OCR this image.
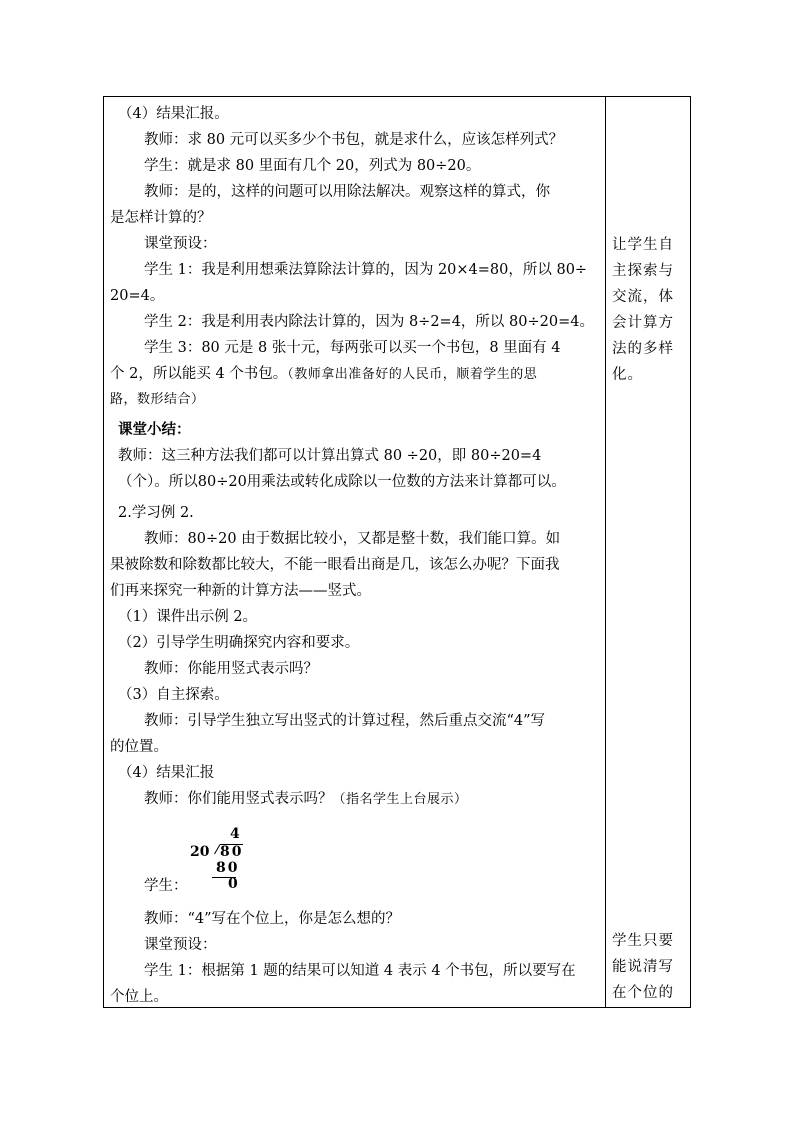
（4）结果汇报。
教师：求 80 元可以买多少个书包，就是求什么，应该怎样列式？
学生：就是求 80 里面有几个 20，列式为 80÷20。
教师：是的，这样的问题可以用除法解决。观察这样的算式，你
是怎样计算的？
课堂预设：
学生 1：我是利用想乘法算除法计算的，因为 20×4=80，所以 80÷
20=4。
学生 2：我是利用表内除法计算的，因为 8÷2=4，所以 80÷20=4。
学生 3：80 元是 8 张十元，每两张可以买一个书包，8 里面有 4
个 2，所以能买 4 个书包。（教师拿出准备好的人民币，顺着学生的思
路，数形结合）
课堂小结：
教师：这三种方法我们都可以计算出算式 80 ÷20，即 80÷20=4
（个）。所以80÷20用乘法或转化成除以一位数的方法来计算都可以。
2.学习例 2.
教师：80÷20 由于数据比较小，又都是整十数，我们能口算。如
果被除数和除数都比较大，不能一眼看出商是几，该怎么办呢？下面我
们再来探究一种新的计算方法——竖式。
（1）课件出示例 2。
（2）引导学生明确探究内容和要求。
教师：你能用竖式表示吗？
（3）自主探索。
教师：引导学生独立写出竖式的计算过程，然后重点交流“4”写
的位置。
（4）结果汇报
教师：你们能用竖式表示吗？（指名学生上台展示）
4
20 80
80
0
学生：
教师：“4”写在个位上，你是怎么想的？
课堂预设：
学生 1：根据第 1 题的结果可以知道 4 表示 4 个书包，所以要写在
个位上。
让学生自
主探索与
交流，体
会计算方
法的多样
化。
学生只要
能说清写
在个位的
